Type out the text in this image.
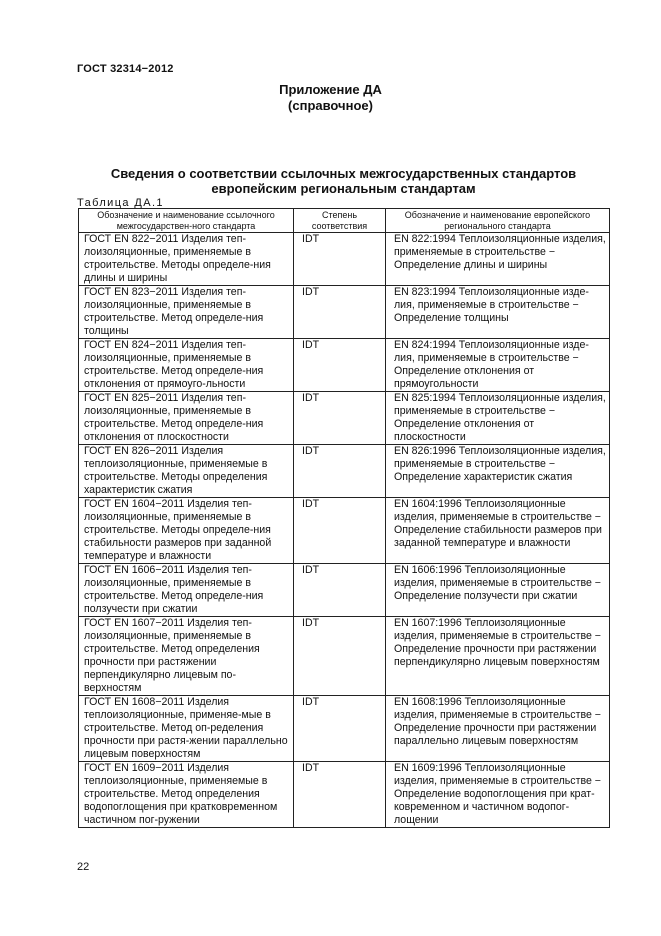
ГОСТ 32314−2012
Приложение ДА
(справочное)
Сведения о соответствии ссылочных межгосударственных стандартов
европейским региональным стандартам
Таблица ДА.1
Обозначение и наименование ссылочного межгосударствен-ного стандарта	Степень соответствия	Обозначение и наименование европейского регионального стандарта
ГОСТ EN 822−2011 Изделия теп-лоизоляционные, применяемые в строительстве. Методы определе-ния длины и ширины	IDT	EN 822:1994 Теплоизоляционные изделия, применяемые в строительстве − Определение длины и ширины
ГОСТ EN 823−2011 Изделия теп-лоизоляционные, применяемые в строительстве. Метод определе-ния толщины	IDT	EN 823:1994 Теплоизоляционные изде-лия, применяемые в строительстве − Определение толщины
ГОСТ EN 824−2011 Изделия теп-лоизоляционные, применяемые в строительстве. Метод определе-ния отклонения от прямоуго-льности	IDT	EN 824:1994 Теплоизоляционные изде-лия, применяемые в строительстве − Определение отклонения от прямоугольности
ГОСТ EN 825−2011 Изделия теп-лоизоляционные, применяемые в строительстве. Метод определе-ния отклонения от плоскостности	IDT	EN 825:1994 Теплоизоляционные изделия, применяемые в строительстве − Определение отклонения от плоскостности
ГОСТ EN 826−2011 Изделия теплоизоляционные, применяемые в строительстве. Методы определения характеристик сжатия	IDT	EN 826:1996 Теплоизоляционные изделия, применяемые в строительстве − Определение характеристик сжатия
ГОСТ EN 1604−2011 Изделия теп-лоизоляционные, применяемые в строительстве. Методы определе-ния стабильности размеров при заданной температуре и влажности	IDT	EN 1604:1996 Теплоизоляционные изделия, применяемые в строительстве − Определение стабильности размеров при заданной температуре и влажности
ГОСТ EN 1606−2011 Изделия теп-лоизоляционные, применяемые в строительстве. Метод определе-ния ползучести при сжатии	IDT	EN 1606:1996 Теплоизоляционные изделия, применяемые в строительстве − Определение ползучести при сжатии
ГОСТ EN 1607−2011 Изделия теп-лоизоляционные, применяемые в строительстве. Метод определения прочности при растяжении перпендикулярно лицевым по-верхностям	IDT	EN 1607:1996 Теплоизоляционные изделия, применяемые в строительстве − Определение прочности при растяжении перпендикулярно лицевым поверхностям
ГОСТ EN 1608−2011 Изделия теплоизоляционные, применяе-мые в строительстве. Метод оп-ределения прочности при растя-жении параллельно лицевым поверхностям	IDT	EN 1608:1996 Теплоизоляционные изделия, применяемые в строительстве − Определение прочности при растяжении параллельно лицевым поверхностям
ГОСТ EN 1609−2011 Изделия теплоизоляционные, применяемые в строительстве. Метод определения водопоглощения при кратковременном частичном пог-ружении	IDT	EN 1609:1996 Теплоизоляционные изделия, применяемые в строительстве − Определение водопоглощения при крат-ковременном и частичном водопог-лощении
22
